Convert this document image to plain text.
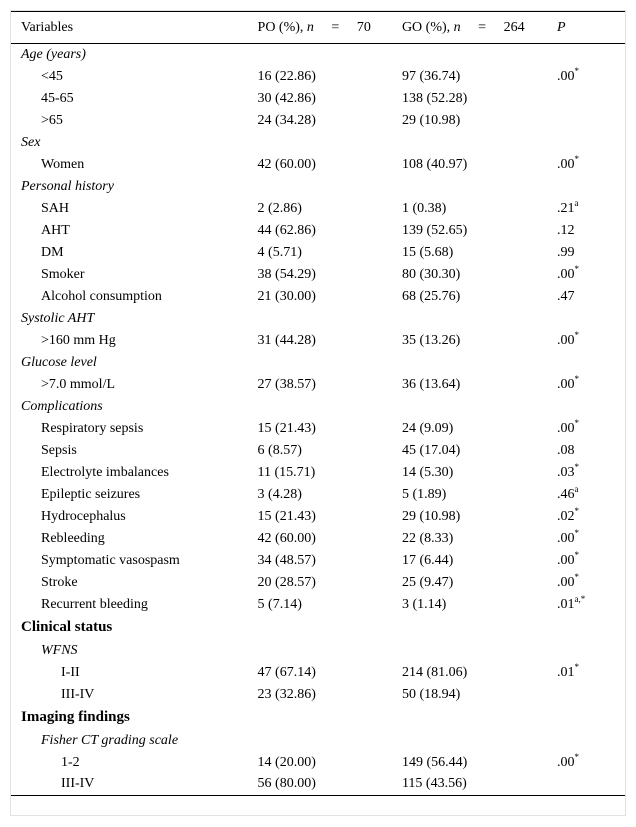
Variables	PO (%), n = 70	GO (%), n = 264	P
Age (years)			
<45	16 (22.86)	97 (36.74)	.00*
45-65	30 (42.86)	138 (52.28)	
>65	24 (34.28)	29 (10.98)	
Sex			
Women	42 (60.00)	108 (40.97)	.00*
Personal history			
SAH	2 (2.86)	1 (0.38)	.21$^a$
AHT	44 (62.86)	139 (52.65)	.12
DM	4 (5.71)	15 (5.68)	.99
Smoker	38 (54.29)	80 (30.30)	.00*
Alcohol consumption	21 (30.00)	68 (25.76)	.47
Systolic AHT			
>160 mm Hg	31 (44.28)	35 (13.26)	.00*
Glucose level			
>7.0 mmol/L	27 (38.57)	36 (13.64)	.00*
Complications			
Respiratory sepsis	15 (21.43)	24 (9.09)	.00*
Sepsis	6 (8.57)	45 (17.04)	.08
Electrolyte imbalances	11 (15.71)	14 (5.30)	.03*
Epileptic seizures	3 (4.28)	5 (1.89)	.46$^a$
Hydrocephalus	15 (21.43)	29 (10.98)	.02*
Rebleeding	42 (60.00)	22 (8.33)	.00*
Symptomatic vasospasm	34 (48.57)	17 (6.44)	.00*
Stroke	20 (28.57)	25 (9.47)	.00*
Recurrent bleeding	5 (7.14)	3 (1.14)	$.01^{a,*}$
Clinical status			
WFNS			
I-II	47 (67.14)	214 (81.06)	.01*
III-IV	23 (32.86)	50 (18.94)	
Imaging findings			
Fisher CT grading scale			
1-2	14 (20.00)	149 (56.44)	.00*
III-IV	56 (80.00)	115 (43.56)	
